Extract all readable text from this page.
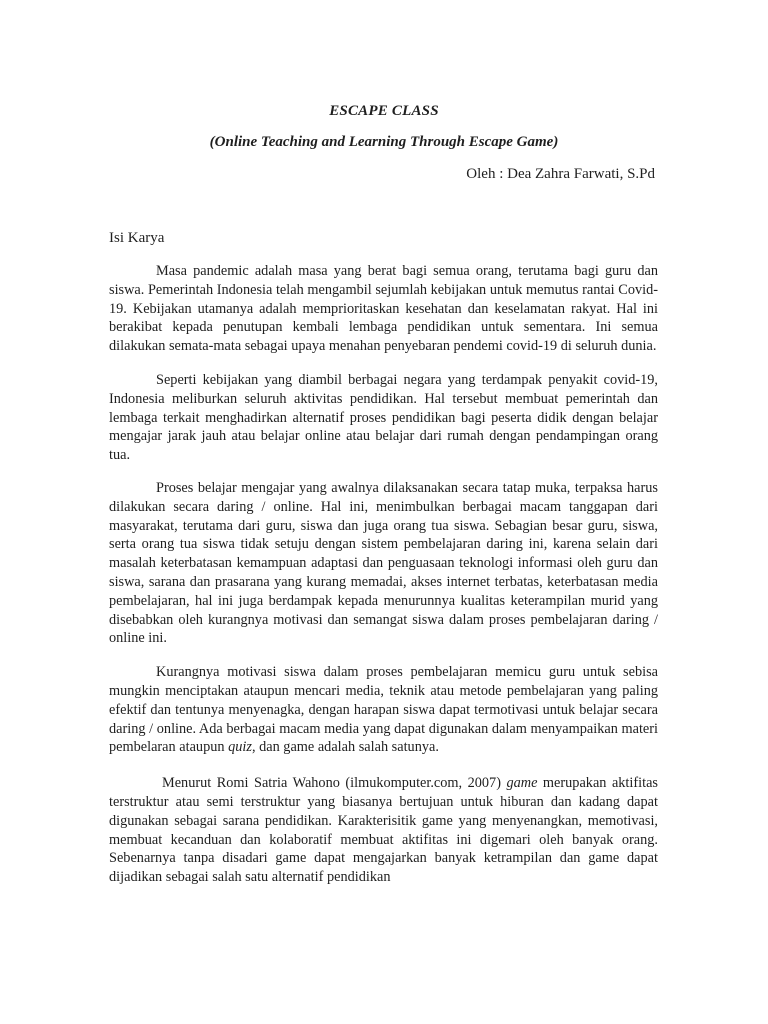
ESCAPE CLASS
(Online Teaching and Learning Through Escape Game)
Oleh : Dea Zahra Farwati, S.Pd
Isi Karya

Masa pandemic adalah masa yang berat bagi semua orang, terutama bagi guru dan siswa. Pemerintah Indonesia telah mengambil sejumlah kebijakan untuk memutus rantai Covid-19. Kebijakan utamanya adalah memprioritaskan kesehatan dan keselamatan rakyat. Hal ini berakibat kepada penutupan kembali lembaga pendidikan untuk sementara. Ini semua dilakukan semata-mata sebagai upaya menahan penyebaran pendemi covid-19 di seluruh dunia.

Seperti kebijakan yang diambil berbagai negara yang terdampak penyakit covid-19, Indonesia meliburkan seluruh aktivitas pendidikan. Hal tersebut membuat pemerintah dan lembaga terkait menghadirkan alternatif proses pendidikan bagi peserta didik dengan belajar mengajar jarak jauh atau belajar online atau belajar dari rumah dengan pendampingan orang tua.

Proses belajar mengajar yang awalnya dilaksanakan secara tatap muka, terpaksa harus dilakukan secara daring / online. Hal ini, menimbulkan berbagai macam tanggapan dari masyarakat, terutama dari guru, siswa dan juga orang tua siswa. Sebagian besar guru, siswa, serta orang tua siswa tidak setuju dengan sistem pembelajaran daring ini, karena selain dari masalah keterbatasan kemampuan adaptasi dan penguasaan teknologi informasi oleh guru dan siswa, sarana dan prasarana yang kurang memadai, akses internet terbatas, keterbatasan media pembelajaran, hal ini juga berdampak kepada menurunnya kualitas keterampilan murid yang disebabkan oleh kurangnya motivasi dan semangat siswa dalam proses pembelajaran daring / online ini.

Kurangnya motivasi siswa dalam proses pembelajaran memicu guru untuk sebisa mungkin menciptakan ataupun mencari media, teknik atau metode pembelajaran yang paling efektif dan tentunya menyenagka, dengan harapan siswa dapat termotivasi untuk belajar secara daring / online. Ada berbagai macam media yang dapat digunakan dalam menyampaikan materi pembelaran ataupun quiz, dan game adalah salah satunya.

Menurut Romi Satria Wahono (ilmukomputer.com, 2007) game merupakan aktifitas terstruktur atau semi terstruktur yang biasanya bertujuan untuk hiburan dan kadang dapat digunakan sebagai sarana pendidikan. Karakterisitik game yang menyenangkan, memotivasi, membuat kecanduan dan kolaboratif membuat aktifitas ini digemari oleh banyak orang. Sebenarnya tanpa disadari game dapat mengajarkan banyak ketrampilan dan game dapat dijadikan sebagai salah satu alternatif pendidikan
